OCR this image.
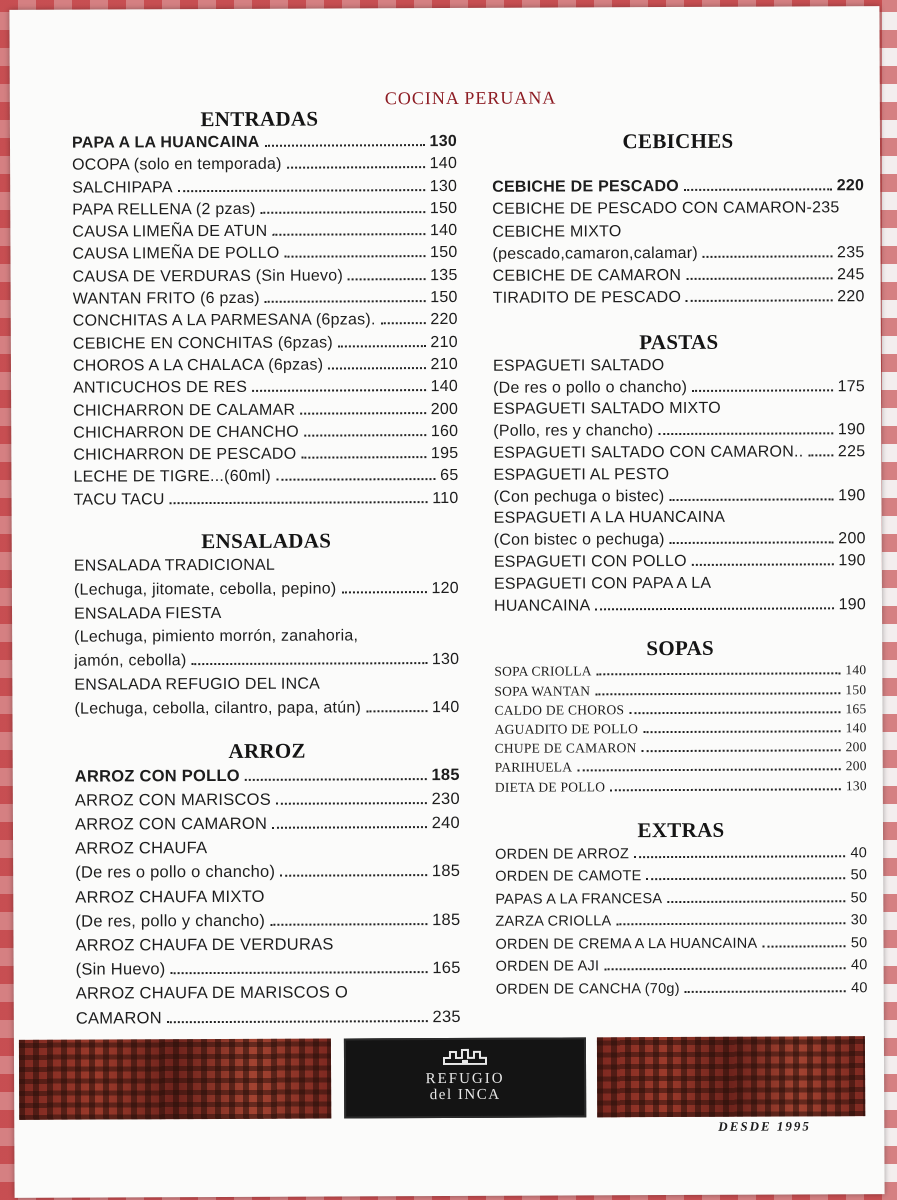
COCINA PERUANA
ENTRADAS
PAPA A LA HUANCAINA	130
OCOPA (solo en temporada)	140
SALCHIPAPA	130
PAPA RELLENA (2 pzas)	150
CAUSA LIMEÑA DE ATUN	140
CAUSA LIMEÑA DE POLLO	150
CAUSA DE VERDURAS (Sin Huevo)	135
WANTAN FRITO (6 pzas)	150
CONCHITAS A LA PARMESANA (6pzas).	220
CEBICHE EN CONCHITAS (6pzas)	210
CHOROS A LA CHALACA (6pzas)	210
ANTICUCHOS DE RES	140
CHICHARRON DE CALAMAR	200
CHICHARRON DE CHANCHO	160
CHICHARRON DE PESCADO	195
LECHE DE TIGRE...(60ml)	65
TACU TACU	110
ENSALADAS
ENSALADA TRADICIONAL
(Lechuga, jitomate, cebolla, pepino)	120
ENSALADA FIESTA
(Lechuga, pimiento morrón, zanahoria,
jamón, cebolla)	130
ENSALADA REFUGIO DEL INCA
(Lechuga, cebolla, cilantro, papa, atún)	140
ARROZ
ARROZ CON POLLO	185
ARROZ CON MARISCOS	230
ARROZ CON CAMARON	240
ARROZ CHAUFA
(De res o pollo o chancho)	185
ARROZ CHAUFA MIXTO
(De res, pollo y chancho)	185
ARROZ CHAUFA DE VERDURAS
(Sin Huevo)	165
ARROZ CHAUFA DE MARISCOS O
CAMARON	235
CEBICHES
CEBICHE DE PESCADO	220
CEBICHE DE PESCADO CON CAMARON-235
CEBICHE MIXTO
(pescado,camaron,calamar)	235
CEBICHE DE CAMARON	245
TIRADITO DE PESCADO	220
PASTAS
ESPAGUETI SALTADO
(De res o pollo o chancho)	175
ESPAGUETI SALTADO MIXTO
(Pollo, res y chancho)	190
ESPAGUETI SALTADO CON CAMARON.. 225
ESPAGUETI AL PESTO
(Con pechuga o bistec)	190
ESPAGUETI A LA HUANCAINA
(Con bistec o pechuga)	200
ESPAGUETI CON POLLO	190
ESPAGUETI CON PAPA A LA
HUANCAINA	190
SOPAS
SOPA CRIOLLA	140
SOPA WANTAN	150
CALDO DE CHOROS	165
AGUADITO DE POLLO	140
CHUPE DE CAMARON	200
PARIHUELA	200
DIETA DE POLLO	130
EXTRAS
ORDEN DE ARROZ	40
ORDEN DE CAMOTE	50
PAPAS A LA FRANCESA	50
ZARZA CRIOLLA	30
ORDEN DE CREMA A LA HUANCAINA	50
ORDEN DE AJI	40
ORDEN DE CANCHA (70g)	40
REFUGIO
del INCA
DESDE 1995
